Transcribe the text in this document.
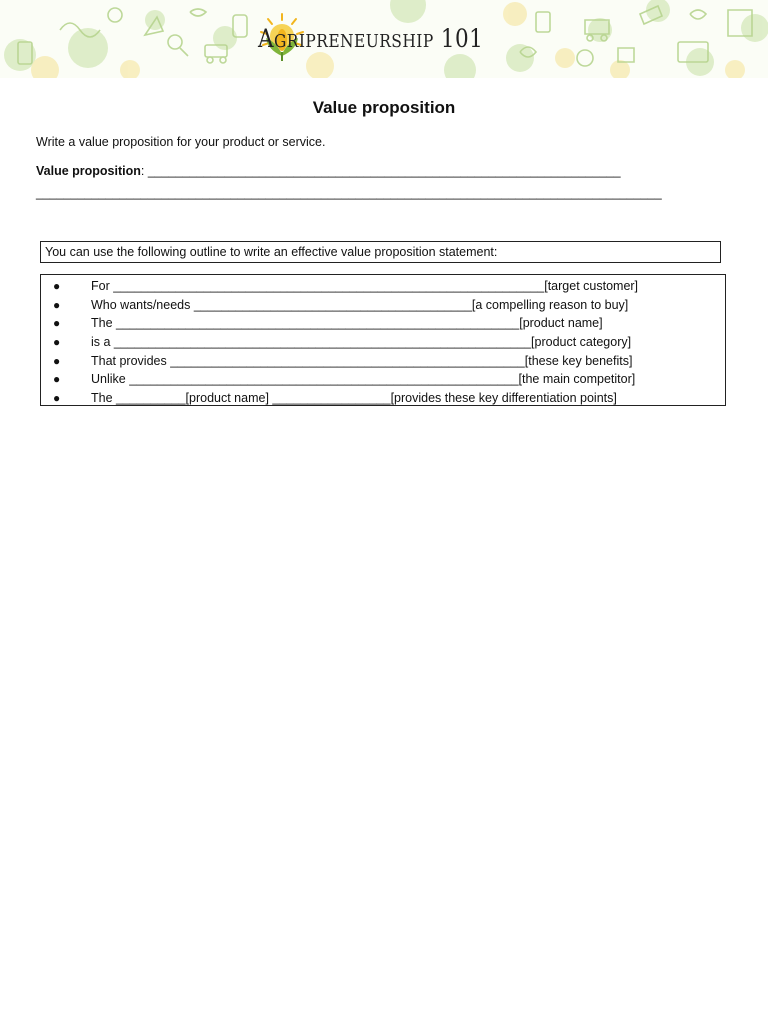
Agripreneurship 101
Value proposition
Write a value proposition for your product or service.
Value proposition: ____________________________________________________________________
__________________________________________________________________________________________
You can use the following outline to write an effective value proposition statement:
● For ______________________________________________________________[target customer]
● Who wants/needs ________________________________________[a compelling reason to buy]
● The __________________________________________________________[product name]
● is a ____________________________________________________________[product category]
● That provides ___________________________________________________[these key benefits]
● Unlike ________________________________________________________[the main competitor]
● The __________[product name] _________________[provides these key differentiation points]
